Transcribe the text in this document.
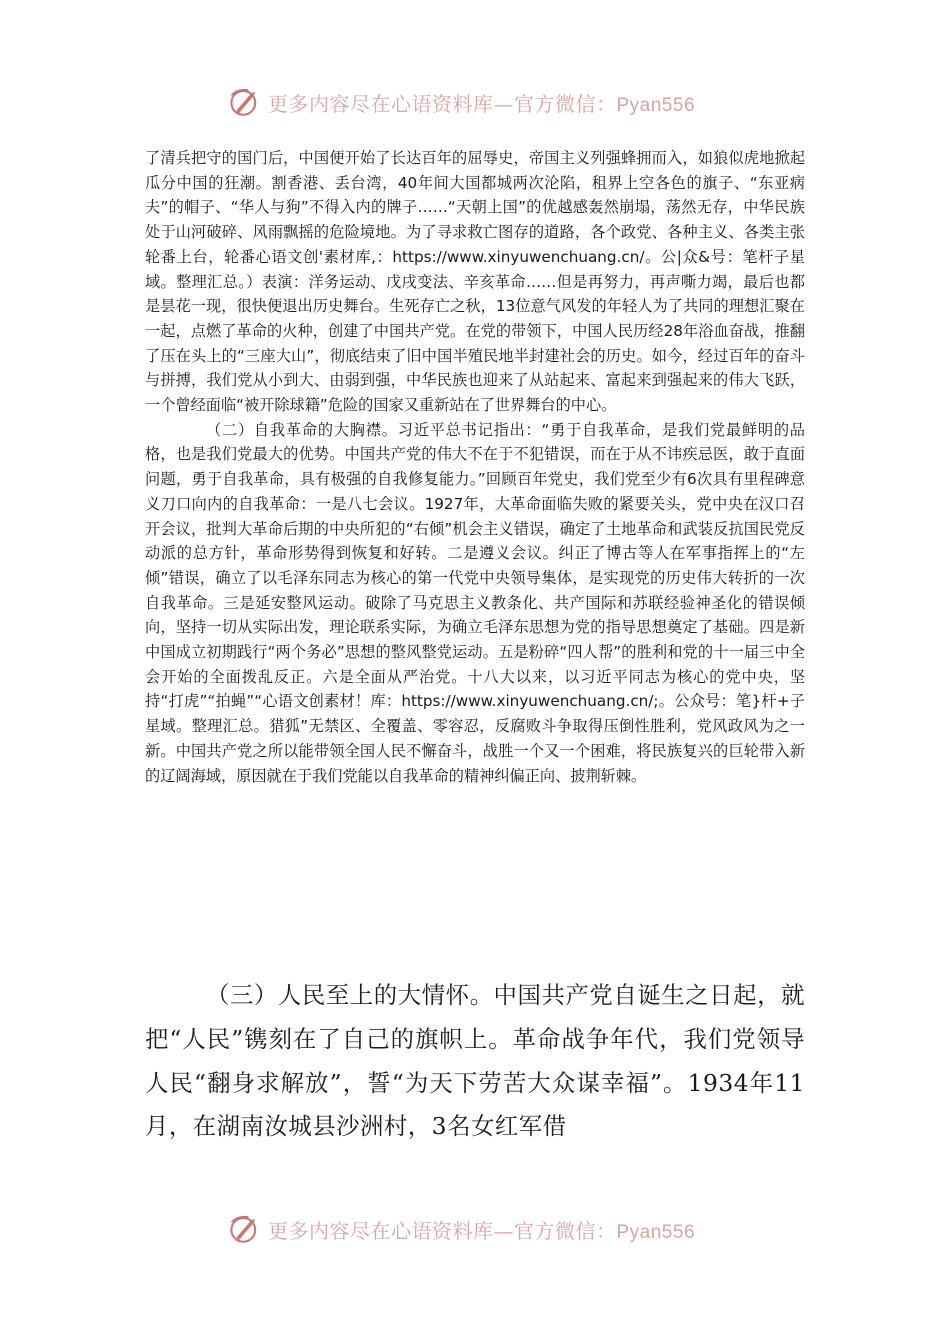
更多内容尽在心语资料库—官方微信：Pyan556

了清兵把守的国门后，中国便开始了长达百年的屈辱史，帝国主义列强蜂拥而入，如狼似虎地掀起瓜分中国的狂潮。割香港、丢台湾，40年间大国都城两次沦陷，租界上空各色的旗子、“东亚病夫”的帽子、“华人与狗”不得入内的牌子……“天朝上国”的优越感轰然崩塌，荡然无存，中华民族处于山河破碎、风雨飘摇的危险境地。为了寻求救亡图存的道路，各个政党、各种主义、各类主张轮番上台，轮番心语文创'素材库,：https://www.xinyuwenchuang.cn/。公|众&号：笔杆子星域。整理汇总。）表演：洋务运动、戊戌变法、辛亥革命……但是再努力，再声嘶力竭，最后也都是昙花一现，很快便退出历史舞台。生死存亡之秋，13位意气风发的年轻人为了共同的理想汇聚在一起，点燃了革命的火种，创建了中国共产党。在党的带领下，中国人民历经28年浴血奋战，推翻了压在头上的“三座大山”，彻底结束了旧中国半殖民地半封建社会的历史。如今，经过百年的奋斗与拼搏，我们党从小到大、由弱到强，中华民族也迎来了从站起来、富起来到强起来的伟大飞跃，一个曾经面临“被开除球籍”危险的国家又重新站在了世界舞台的中心。

（二）自我革命的大胸襟。习近平总书记指出：“勇于自我革命，是我们党最鲜明的品格，也是我们党最大的优势。中国共产党的伟大不在于不犯错误，而在于从不讳疾忌医，敢于直面问题，勇于自我革命，具有极强的自我修复能力。”回顾百年党史，我们党至少有6次具有里程碑意义刀口向内的自我革命：一是八七会议。1927年，大革命面临失败的紧要关头，党中央在汉口召开会议，批判大革命后期的中央所犯的“右倾”机会主义错误，确定了土地革命和武装反抗国民党反动派的总方针，革命形势得到恢复和好转。二是遵义会议。纠正了博古等人在军事指挥上的“左倾”错误，确立了以毛泽东同志为核心的第一代党中央领导集体，是实现党的历史伟大转折的一次自我革命。三是延安整风运动。破除了马克思主义教条化、共产国际和苏联经验神圣化的错误倾向，坚持一切从实际出发，理论联系实际，为确立毛泽东思想为党的指导思想奠定了基础。四是新中国成立初期践行“两个务必”思想的整风整党运动。五是粉碎“四人帮”的胜利和党的十一届三中全会开始的全面拨乱反正。六是全面从严治党。十八大以来，以习近平同志为核心的党中央，坚持“打虎”“拍蝇”“心语文创素材！库：https://www.xinyuwenchuang.cn/;。公众号：笔}杆+子星域。整理汇总。猎狐”无禁区、全覆盖、零容忍，反腐败斗争取得压倒性胜利，党风政风为之一新。中国共产党之所以能带领全国人民不懈奋斗，战胜一个又一个困难，将民族复兴的巨轮带入新的辽阔海域，原因就在于我们党能以自我革命的精神纠偏正向、披荆斩棘。

（三）人民至上的大情怀。中国共产党自诞生之日起，就把“人民”镌刻在了自己的旗帜上。革命战争年代，我们党领导人民“翻身求解放”，誓“为天下劳苦大众谋幸福”。1934年11月，在湖南汝城县沙洲村，3名女红军借

更多内容尽在心语资料库—官方微信：Pyan556
